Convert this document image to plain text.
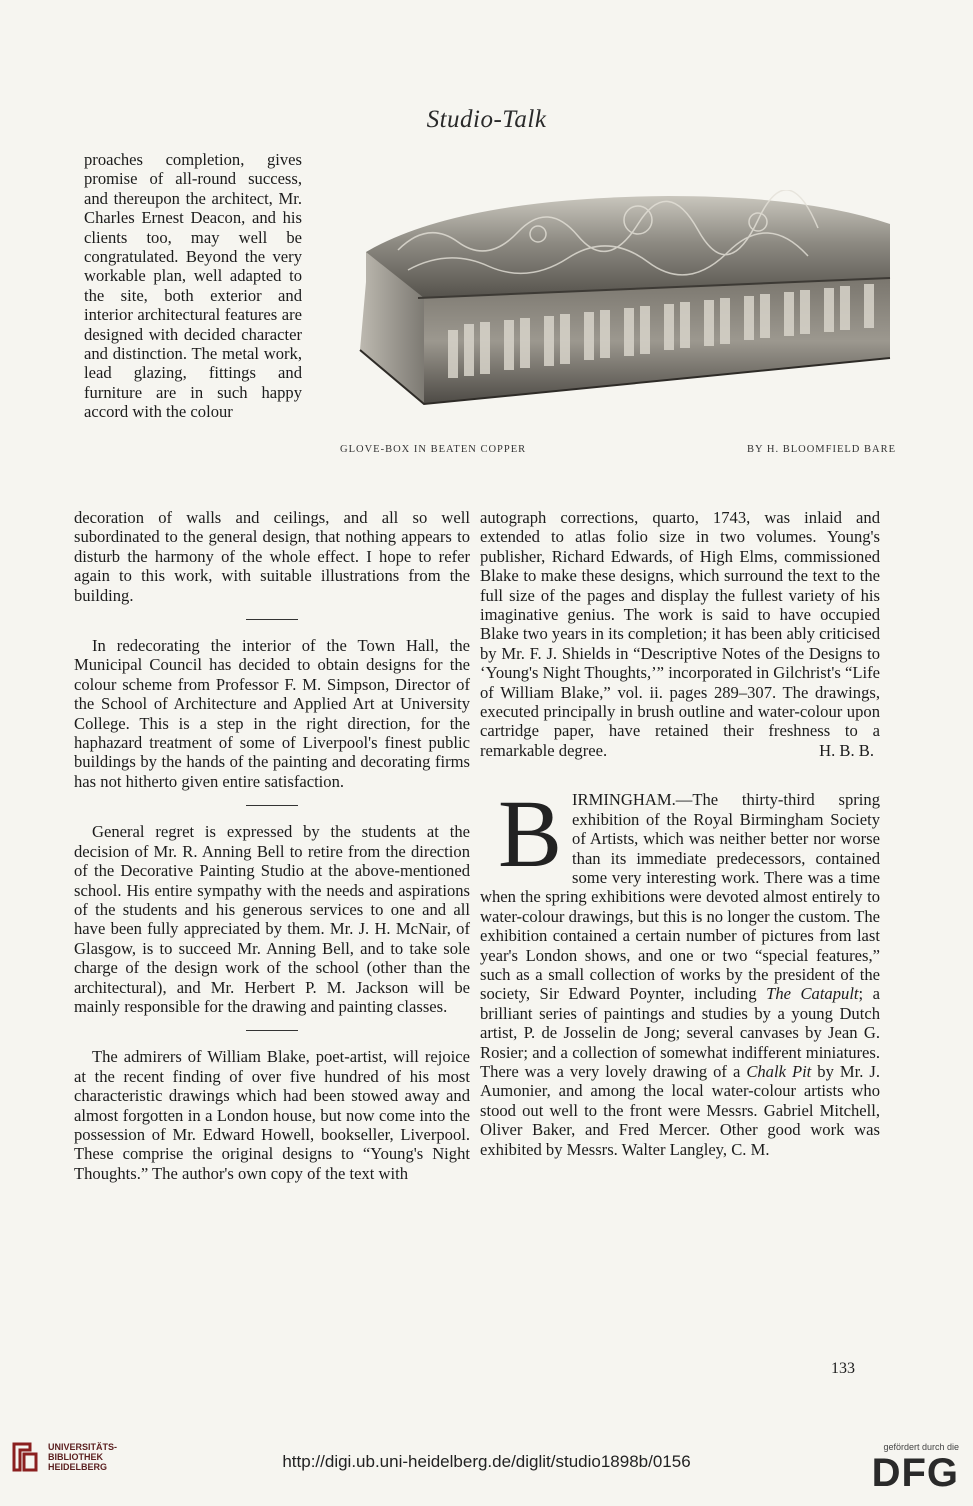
Studio-Talk

proaches completion, gives promise of all-round success, and thereupon the architect, Mr. Charles Ernest Deacon, and his clients too, may well be congratulated. Beyond the very workable plan, well adapted to the site, both exterior and interior architectural features are designed with decided character and distinction. The metal work, lead glazing, fittings and furniture are in such happy accord with the colour

GLOVE-BOX IN BEATEN COPPER	BY H. BLOOMFIELD BARE

decoration of walls and ceilings, and all so well subordinated to the general design, that nothing appears to disturb the harmony of the whole effect. I hope to refer again to this work, with suitable illustrations from the building.

In redecorating the interior of the Town Hall, the Municipal Council has decided to obtain designs for the colour scheme from Professor F. M. Simpson, Director of the School of Architecture and Applied Art at University College. This is a step in the right direction, for the haphazard treatment of some of Liverpool's finest public buildings by the hands of the painting and decorating firms has not hitherto given entire satisfaction.

General regret is expressed by the students at the decision of Mr. R. Anning Bell to retire from the direction of the Decorative Painting Studio at the above-mentioned school. His entire sympathy with the needs and aspirations of the students and his generous services to one and all have been fully appreciated by them. Mr. J. H. McNair, of Glasgow, is to succeed Mr. Anning Bell, and to take sole charge of the design work of the school (other than the architectural), and Mr. Herbert P. M. Jackson will be mainly responsible for the drawing and painting classes.

The admirers of William Blake, poet-artist, will rejoice at the recent finding of over five hundred of his most characteristic drawings which had been stowed away and almost forgotten in a London house, but now come into the possession of Mr. Edward Howell, bookseller, Liverpool. These comprise the original designs to “Young's Night Thoughts.” The author's own copy of the text with

autograph corrections, quarto, 1743, was inlaid and extended to atlas folio size in two volumes. Young's publisher, Richard Edwards, of High Elms, commissioned Blake to make these designs, which surround the text to the full size of the pages and display the fullest variety of his imaginative genius. The work is said to have occupied Blake two years in its completion; it has been ably criticised by Mr. F. J. Shields in “Descriptive Notes of the Designs to ‘Young's Night Thoughts,’” incorporated in Gilchrist's “Life of William Blake,” vol. ii. pages 289–307. The drawings, executed principally in brush outline and water-colour upon cartridge paper, have retained their freshness to a remarkable degree.	H. B. B.

B IRMINGHAM.—The thirty-third spring exhibition of the Royal Birmingham Society of Artists, which was neither better nor worse than its immediate predecessors, contained some very interesting work. There was a time when the spring exhibitions were devoted almost entirely to water-colour drawings, but this is no longer the custom. The exhibition contained a certain number of pictures from last year's London shows, and one or two “special features,” such as a small collection of works by the president of the society, Sir Edward Poynter, including The Catapult; a brilliant series of paintings and studies by a young Dutch artist, P. de Josselin de Jong; several canvases by Jean G. Rosier; and a collection of somewhat indifferent miniatures. There was a very lovely drawing of a Chalk Pit by Mr. J. Aumonier, and among the local water-colour artists who stood out well to the front were Messrs. Gabriel Mitchell, Oliver Baker, and Fred Mercer. Other good work was exhibited by Messrs. Walter Langley, C. M.

133
UNIVERSITÄTS-
BIBLIOTHEK
HEIDELBERG	http://digi.ub.uni-heidelberg.de/diglit/studio1898b/0156
gefördert durch die
DFG
